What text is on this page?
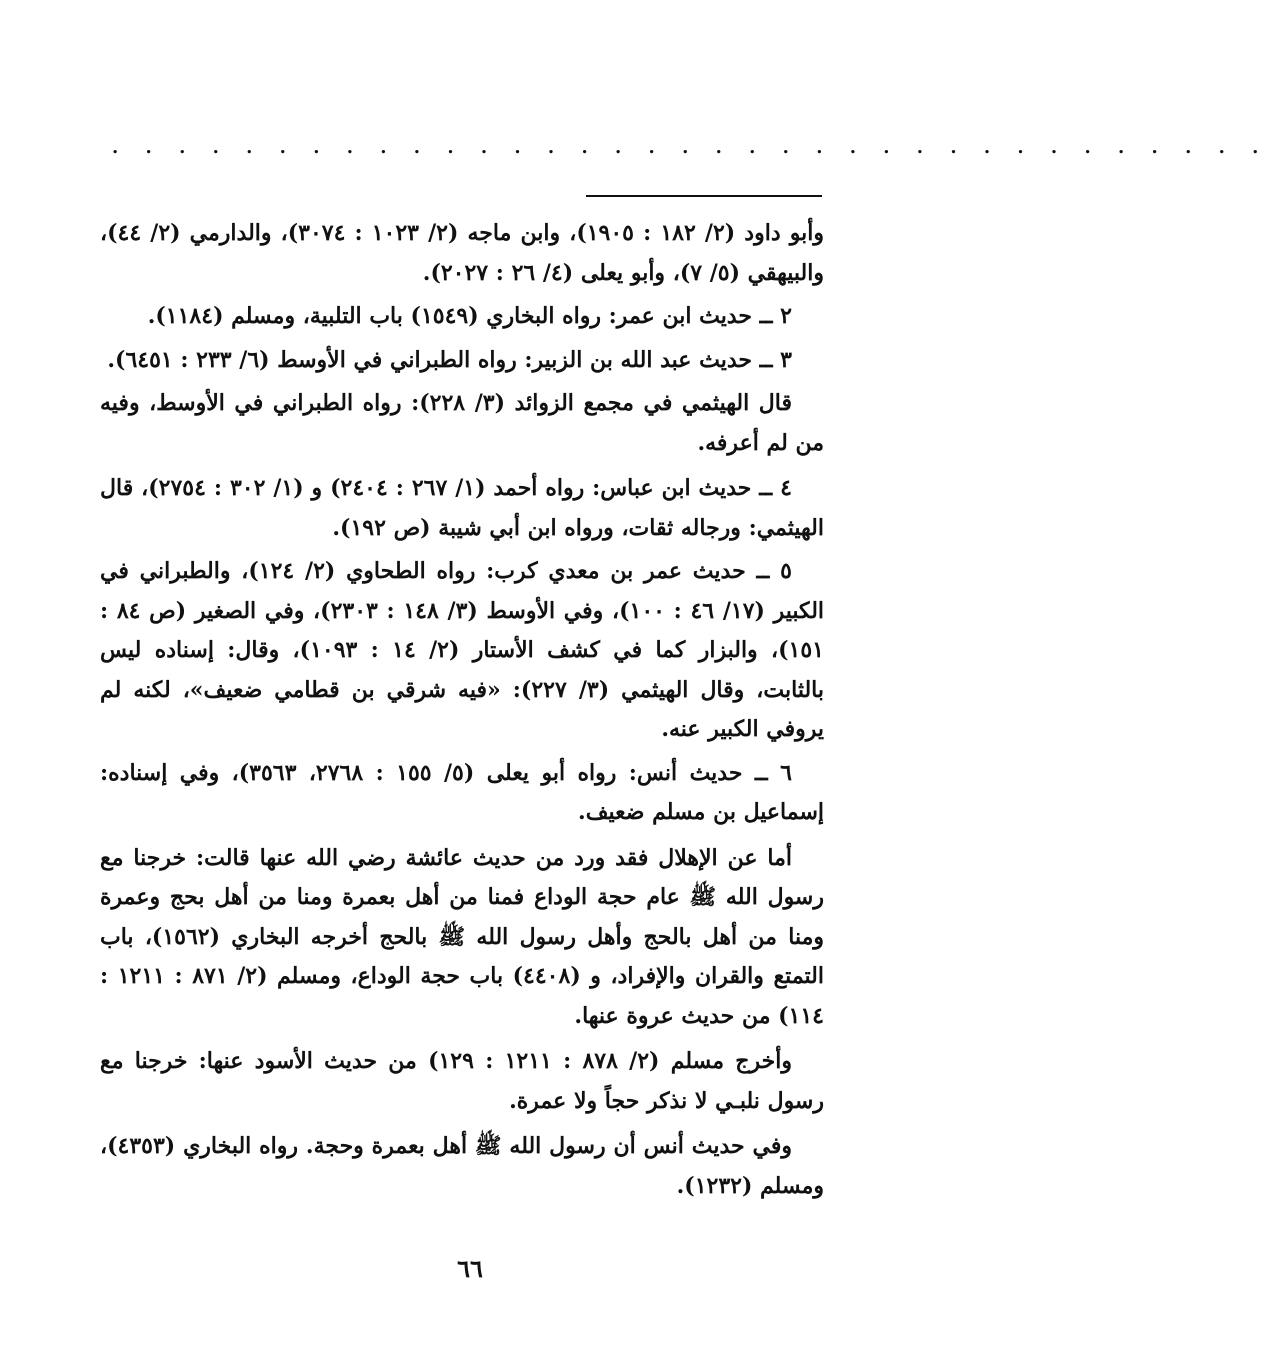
. . . . . . . . . . . . . . . . . . . . . . . . . . . . . . . . . . .

وأبو داود (٢/ ١٨٢ : ١٩٠٥)، وابن ماجه (٢/ ١٠٢٣ : ٣٠٧٤)، والدارمي (٢/ ٤٤)، والبيهقي (٥/ ٧)، وأبو يعلى (٤/ ٢٦ : ٢٠٢٧).

٢ ــ حديث ابن عمر: رواه البخاري (١٥٤٩) باب التلبية، ومسلم (١١٨٤).

٣ ــ حديث عبد الله بن الزبير: رواه الطبراني في الأوسط (٦/ ٢٣٣ : ٦٤٥١).

قال الهيثمي في مجمع الزوائد (٣/ ٢٢٨): رواه الطبراني في الأوسط، وفيه من لم أعرفه.

٤ ــ حديث ابن عباس: رواه أحمد (١/ ٢٦٧ : ٢٤٠٤) و (١/ ٣٠٢ : ٢٧٥٤)، قال الهيثمي: ورجاله ثقات، ورواه ابن أبي شيبة (ص ١٩٢).

٥ ــ حديث عمر بن معدي كرب: رواه الطحاوي (٢/ ١٢٤)، والطبراني في الكبير (١٧/ ٤٦ : ١٠٠)، وفي الأوسط (٣/ ١٤٨ : ٢٣٠٣)، وفي الصغير (ص ٨٤ : ١٥١)، والبزار كما في كشف الأستار (٢/ ١٤ : ١٠٩٣)، وقال: إسناده ليس بالثابت، وقال الهيثمي (٣/ ٢٢٧): «فيه شرقي بن قطامي ضعيف»، لكنه لم يروفي الكبير عنه.

٦ ــ حديث أنس: رواه أبو يعلى (٥/ ١٥٥ : ٢٧٦٨، ٣٥٦٣)، وفي إسناده: إسماعيل بن مسلم ضعيف.

أما عن الإهلال فقد ورد من حديث عائشة رضي الله عنها قالت: خرجنا مع رسول الله ﷺ عام حجة الوداع فمنا من أهل بعمرة ومنا من أهل بحج وعمرة ومنا من أهل بالحج وأهل رسول الله ﷺ بالحج أخرجه البخاري (١٥٦٢)، باب التمتع والقران والإفراد، و (٤٤٠٨) باب حجة الوداع، ومسلم (٢/ ٨٧١ : ١٢١١ : ١١٤) من حديث عروة عنها.

وأخرج مسلم (٢/ ٨٧٨ : ١٢١١ : ١٢٩) من حديث الأسود عنها: خرجنا مع رسول نلبـي لا نذكر حجاً ولا عمرة.

وفي حديث أنس أن رسول الله ﷺ أهل بعمرة وحجة. رواه البخاري (٤٣٥٣)، ومسلم (١٢٣٢).

٦٦
